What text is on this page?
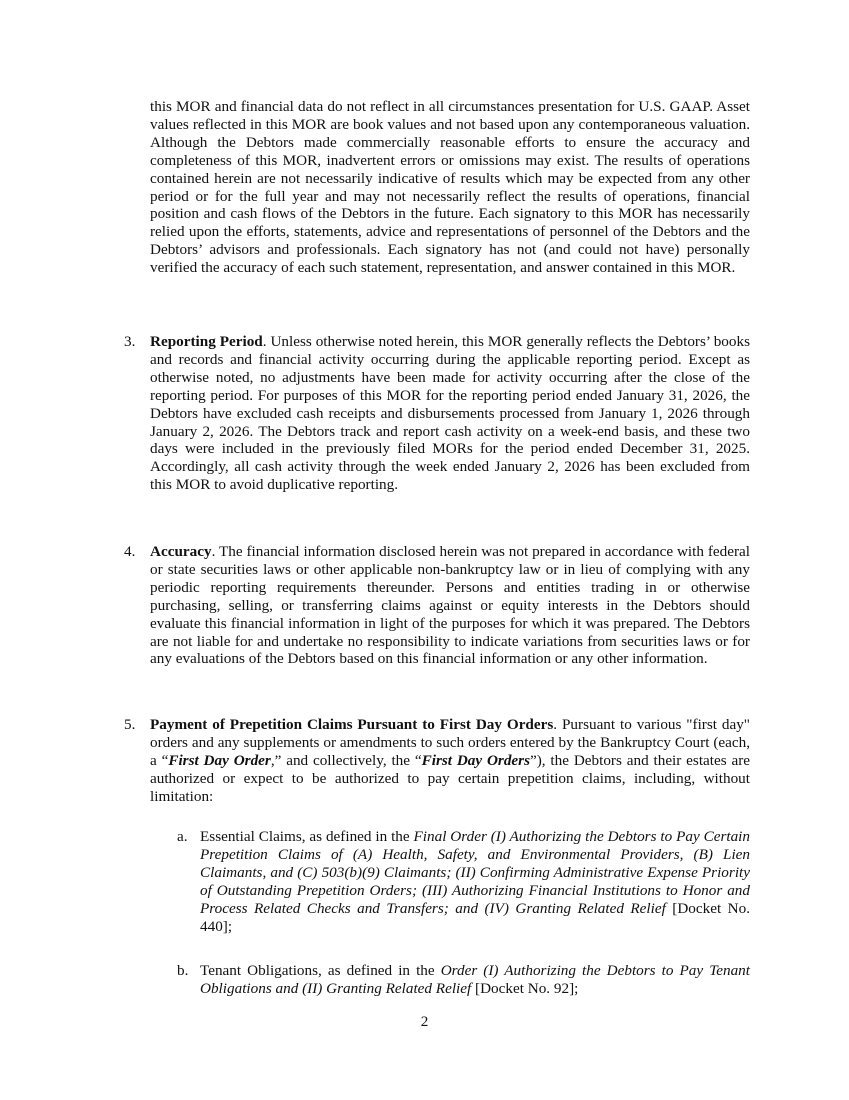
this MOR and financial data do not reflect in all circumstances presentation for U.S. GAAP. Asset values reflected in this MOR are book values and not based upon any contemporaneous valuation. Although the Debtors made commercially reasonable efforts to ensure the accuracy and completeness of this MOR, inadvertent errors or omissions may exist. The results of operations contained herein are not necessarily indicative of results which may be expected from any other period or for the full year and may not necessarily reflect the results of operations, financial position and cash flows of the Debtors in the future. Each signatory to this MOR has necessarily relied upon the efforts, statements, advice and representations of personnel of the Debtors and the Debtors’ advisors and professionals. Each signatory has not (and could not have) personally verified the accuracy of each such statement, representation, and answer contained in this MOR.

3. Reporting Period. Unless otherwise noted herein, this MOR generally reflects the Debtors’ books and records and financial activity occurring during the applicable reporting period. Except as otherwise noted, no adjustments have been made for activity occurring after the close of the reporting period. For purposes of this MOR for the reporting period ended January 31, 2026, the Debtors have excluded cash receipts and disbursements processed from January 1, 2026 through January 2, 2026. The Debtors track and report cash activity on a week-end basis, and these two days were included in the previously filed MORs for the period ended December 31, 2025. Accordingly, all cash activity through the week ended January 2, 2026 has been excluded from this MOR to avoid duplicative reporting.
4. Accuracy. The financial information disclosed herein was not prepared in accordance with federal or state securities laws or other applicable non-bankruptcy law or in lieu of complying with any periodic reporting requirements thereunder. Persons and entities trading in or otherwise purchasing, selling, or transferring claims against or equity interests in the Debtors should evaluate this financial information in light of the purposes for which it was prepared. The Debtors are not liable for and undertake no responsibility to indicate variations from securities laws or for any evaluations of the Debtors based on this financial information or any other information.
5. Payment of Prepetition Claims Pursuant to First Day Orders. Pursuant to various "first day" orders and any supplements or amendments to such orders entered by the Bankruptcy Court (each, a “First Day Order,” and collectively, the “First Day Orders”), the Debtors and their estates are authorized or expect to be authorized to pay certain prepetition claims, including, without limitation:
a. Essential Claims, as defined in the Final Order (I) Authorizing the Debtors to Pay Certain Prepetition Claims of (A) Health, Safety, and Environmental Providers, (B) Lien Claimants, and (C) 503(b)(9) Claimants; (II) Confirming Administrative Expense Priority of Outstanding Prepetition Orders; (III) Authorizing Financial Institutions to Honor and Process Related Checks and Transfers; and (IV) Granting Related Relief [Docket No. 440];
b. Tenant Obligations, as defined in the Order (I) Authorizing the Debtors to Pay Tenant Obligations and (II) Granting Related Relief [Docket No. 92];
2
